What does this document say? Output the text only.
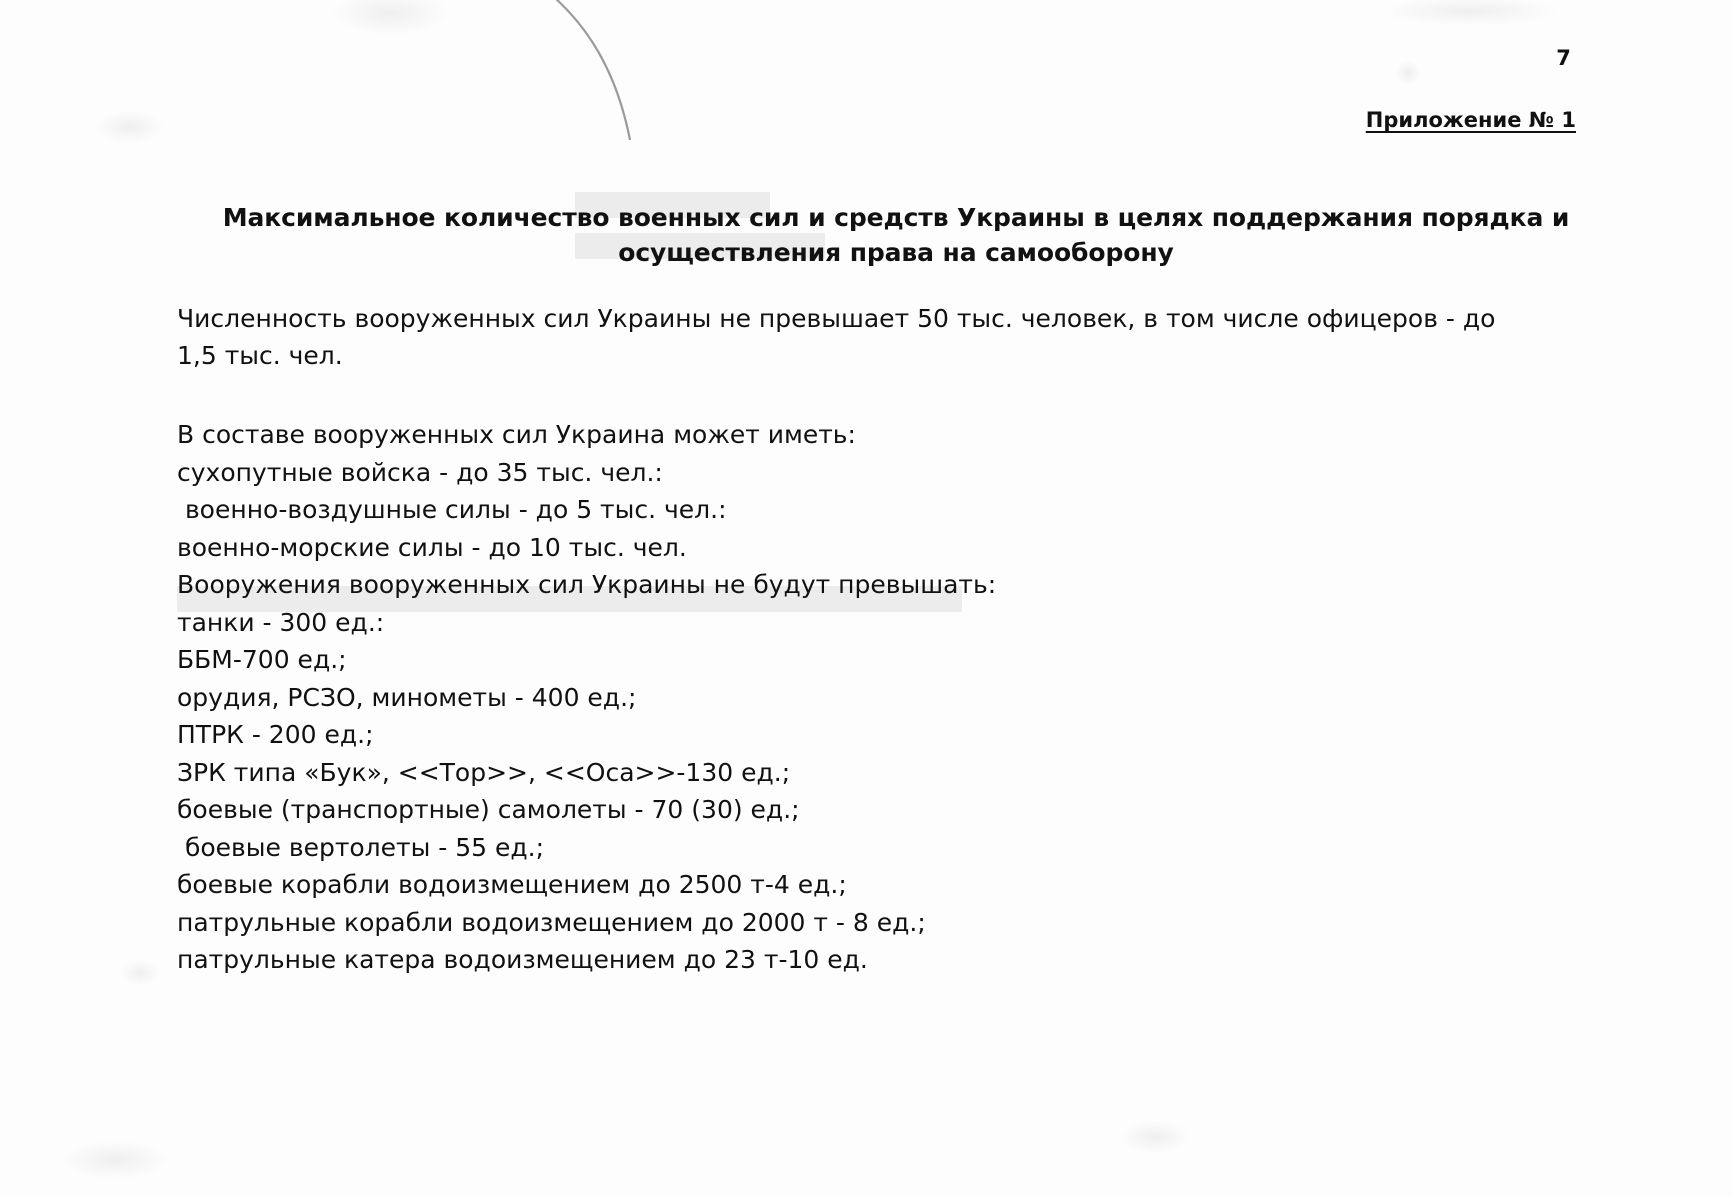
7
Приложение № 1
Максимальное количество военных сил и средств Украины в целях поддержания порядка и осуществления права на самооборону

Численность вооруженных сил Украины не превышает 50 тыс. человек, в том числе офицеров - до 1,5 тыс. чел.

В составе вооруженных сил Украина может иметь:

сухопутные войска - до 35 тыс. чел.:

военно-воздушные силы - до 5 тыс. чел.:

военно-морские силы - до 10 тыс. чел.

Вооружения вооруженных сил Украины не будут превышать:

танки - 300 ед.:

ББМ-700 ед.;

орудия, РСЗО, минометы - 400 ед.;

ПТРК - 200 ед.;

ЗРК типа «Бук», <<Тор>>, <<Оса>>-130 ед.;

боевые (транспортные) самолеты - 70 (30) ед.;

боевые вертолеты - 55 ед.;

боевые корабли водоизмещением до 2500 т-4 ед.;

патрульные корабли водоизмещением до 2000 т - 8 ед.;

патрульные катера водоизмещением до 23 т-10 ед.
